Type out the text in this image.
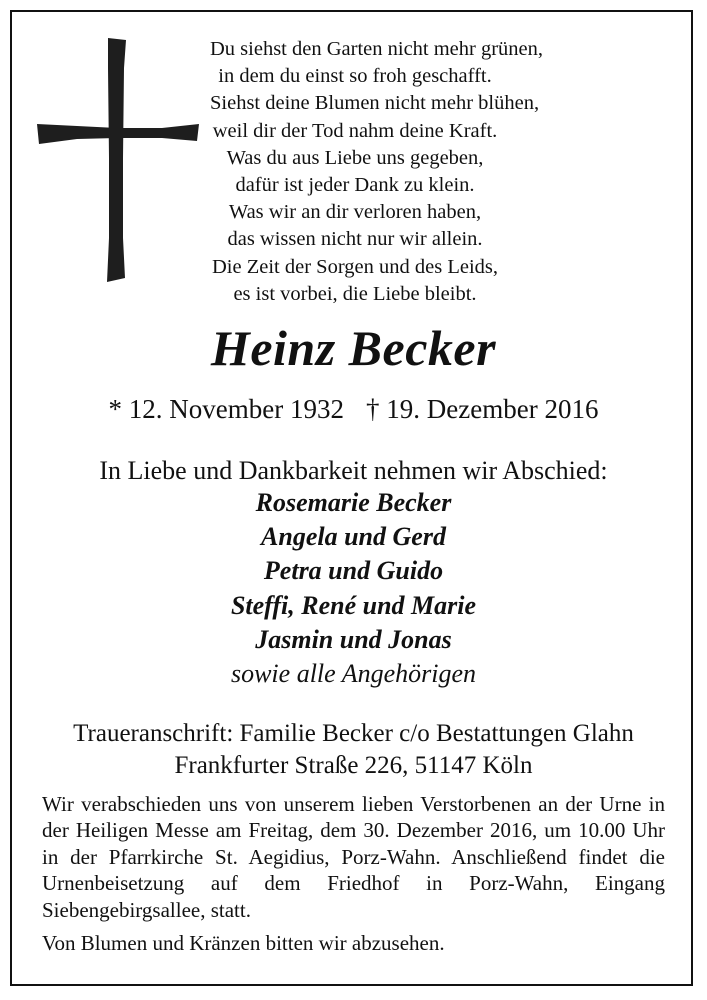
Du siehst den Garten nicht mehr grünen,
in dem du einst so froh geschafft.
Siehst deine Blumen nicht mehr blühen,
weil dir der Tod nahm deine Kraft.
Was du aus Liebe uns gegeben,
dafür ist jeder Dank zu klein.
Was wir an dir verloren haben,
das wissen nicht nur wir allein.
Die Zeit der Sorgen und des Leids,
es ist vorbei, die Liebe bleibt.
Heinz Becker
* 12. November 1932 † 19. Dezember 2016
In Liebe und Dankbarkeit nehmen wir Abschied:
Rosemarie Becker
Angela und Gerd
Petra und Guido
Steffi, René und Marie
Jasmin und Jonas
sowie alle Angehörigen
Traueranschrift: Familie Becker c/o Bestattungen Glahn
Frankfurter Straße 226, 51147 Köln
Wir verabschieden uns von unserem lieben Verstorbenen an der Urne in der Heiligen Messe am Freitag, dem 30. Dezember 2016, um 10.00 Uhr in der Pfarrkirche St. Aegidius, Porz-Wahn. Anschließend findet die Urnenbeisetzung auf dem Friedhof in Porz-Wahn, Eingang Siebengebirgsallee, statt.
Von Blumen und Kränzen bitten wir abzusehen.
